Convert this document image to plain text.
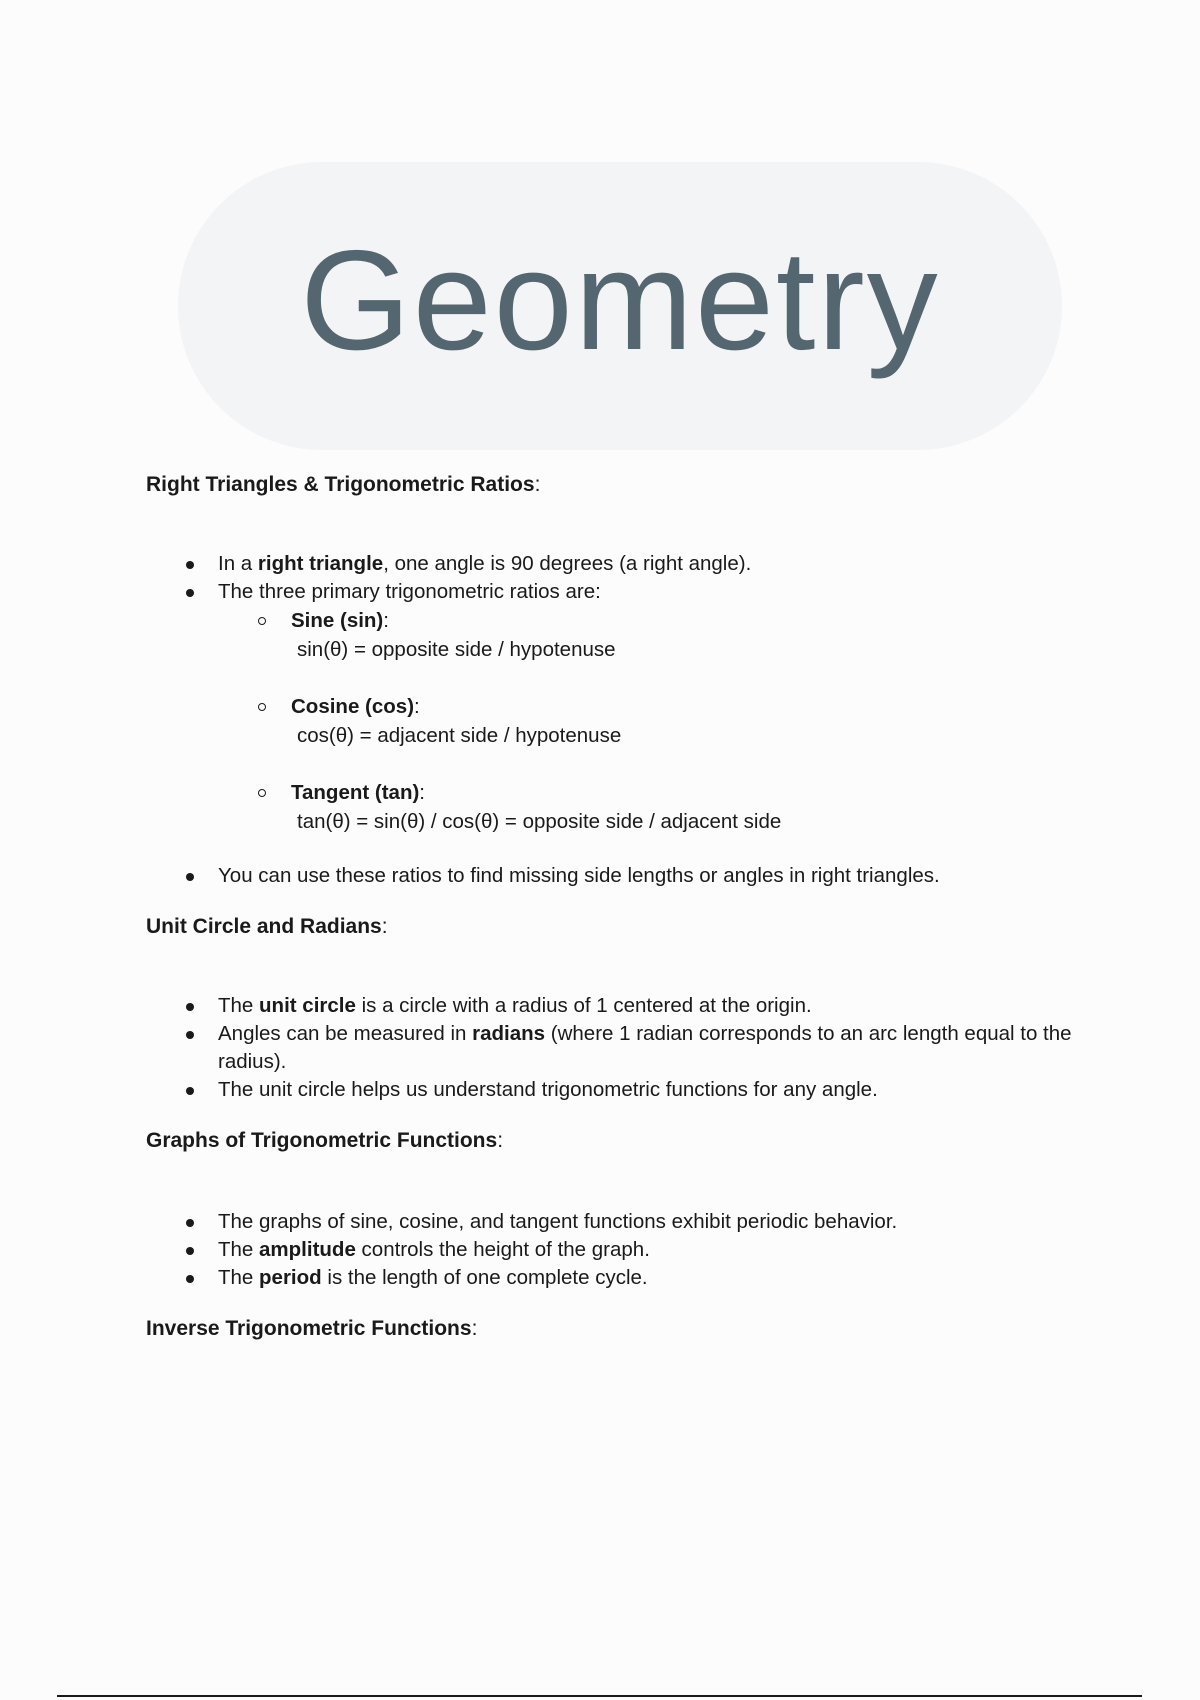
Geometry

Right Triangles & Trigonometric Ratios:

In a right triangle, one angle is 90 degrees (a right angle).
The three primary trigonometric ratios are:
Sine (sin):
sin(θ) = opposite side / hypotenuse
Cosine (cos):
cos(θ) = adjacent side / hypotenuse
Tangent (tan):
tan(θ) = sin(θ) / cos(θ) = opposite side / adjacent side
You can use these ratios to find missing side lengths or angles in right triangles.

Unit Circle and Radians:

The unit circle is a circle with a radius of 1 centered at the origin.
Angles can be measured in radians (where 1 radian corresponds to an arc length equal to the radius).
The unit circle helps us understand trigonometric functions for any angle.

Graphs of Trigonometric Functions:

The graphs of sine, cosine, and tangent functions exhibit periodic behavior.
The amplitude controls the height of the graph.
The period is the length of one complete cycle.

Inverse Trigonometric Functions:
